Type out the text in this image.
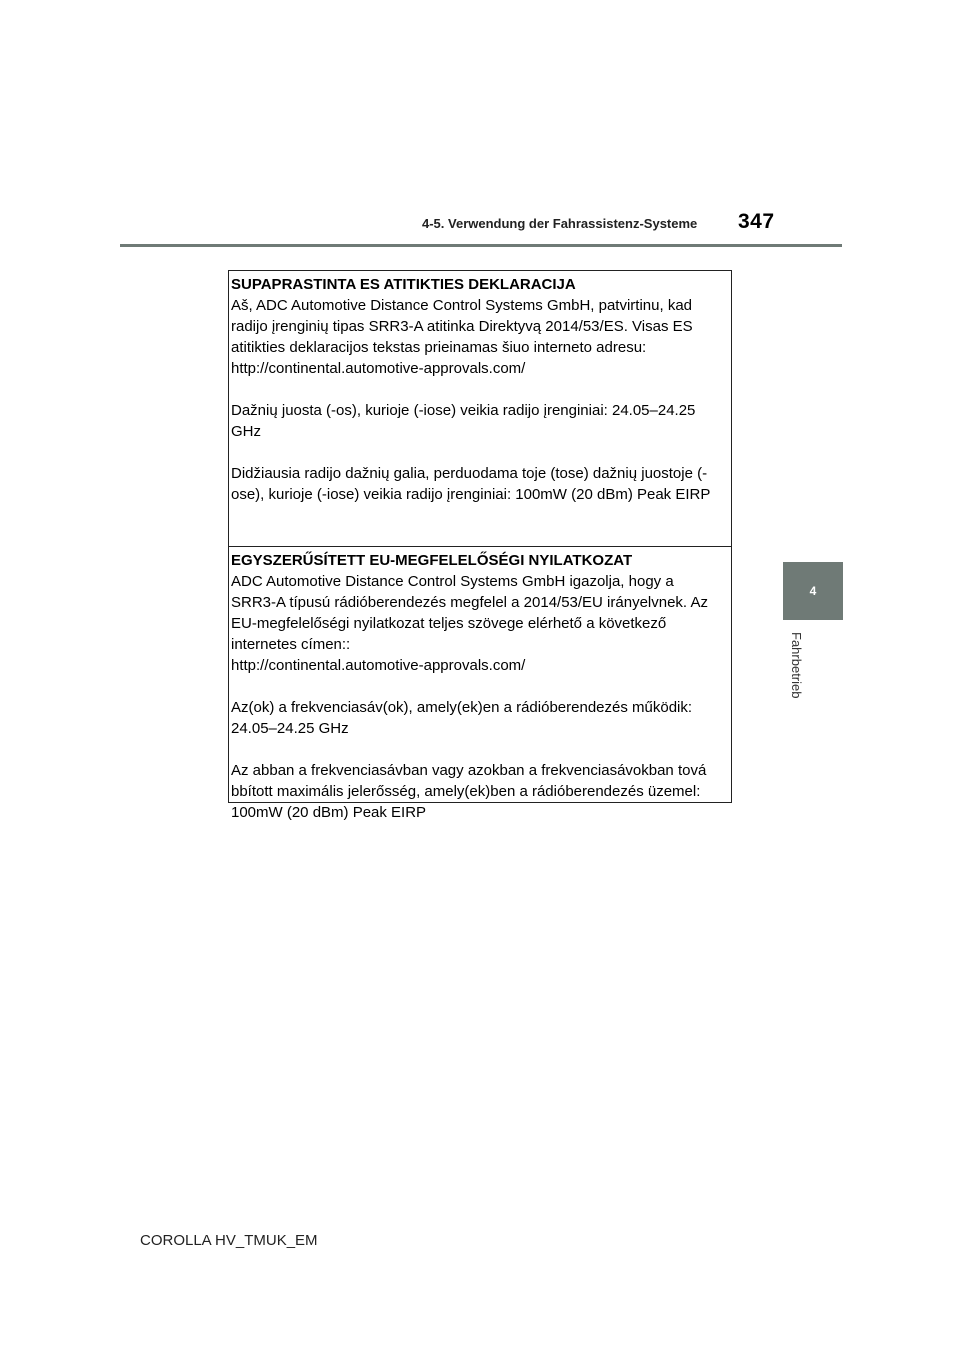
4-5. Verwendung der Fahrassistenz-Systeme 347
4
Fahrbetrieb
SUPAPRASTINTA ES ATITIKTIES DEKLARACIJA
Aš, ADC Automotive Distance Control Systems GmbH, patvirtinu, kad
radijo įrenginių tipas SRR3-A atitinka Direktyvą 2014/53/ES. Visas ES
atitikties deklaracijos tekstas prieinamas šiuo interneto adresu:
http://continental.automotive-approvals.com/
Dažnių juosta (-os), kurioje (-iose) veikia radijo įrenginiai: 24.05–24.25
GHz
Didžiausia radijo dažnių galia, perduodama toje (tose) dažnių juostoje (-
ose), kurioje (-iose) veikia radijo įrenginiai: 100mW (20 dBm) Peak EIRP
EGYSZERŰSÍTETT EU-MEGFELELŐSÉGI NYILATKOZAT
ADC Automotive Distance Control Systems GmbH igazolja, hogy a
SRR3-A típusú rádióberendezés megfelel a 2014/53/EU irányelvnek. Az
EU-megfelelőségi nyilatkozat teljes szövege elérhető a következő
internetes címen::
http://continental.automotive-approvals.com/
Az(ok) a frekvenciasáv(ok), amely(ek)en a rádióberendezés működik:
24.05–24.25 GHz
Az abban a frekvenciasávban vagy azokban a frekvenciasávokban tová
bbított maximális jelerősség, amely(ek)ben a rádióberendezés üzemel:
100mW (20 dBm) Peak EIRP
COROLLA HV_TMUK_EM
